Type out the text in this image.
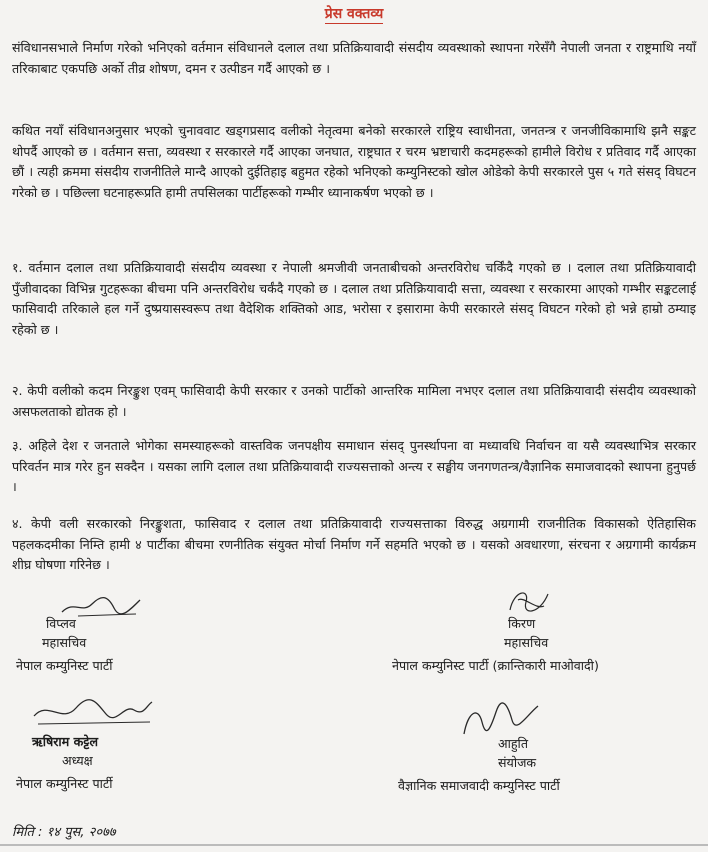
प्रेस वक्तव्य
संविधानसभाले निर्माण गरेको भनिएको वर्तमान संविधानले दलाल तथा प्रतिक्रियावादी संसदीय व्यवस्थाको स्थापना गरेसँगै नेपाली जनता र राष्ट्रमाथि नयाँ तरिकाबाट एकपछि अर्को तीव्र शोषण, दमन र उत्पीडन गर्दै आएको छ ।
कथित नयाँ संविधानअनुसार भएको चुनाववाट खड्गप्रसाद वलीको नेतृत्वमा बनेको सरकारले राष्ट्रिय स्वाधीनता, जनतन्त्र र जनजीविकामाथि झनै सङ्कट थोपर्दै आएको छ । वर्तमान सत्ता, व्यवस्था र सरकारले गर्दै आएका जनघात, राष्ट्रघात र चरम भ्रष्टाचारी कदमहरूको हामीले विरोध र प्रतिवाद गर्दै आएका छौं । त्यही क्रममा संसदीय राजनीतिले मान्दै आएको दुईतिहाइ बहुमत रहेको भनिएको कम्युनिस्टको खोल ओडेको केपी सरकारले पुस ५ गते संसद् विघटन गरेको छ । पछिल्ला घटनाहरूप्रति हामी तपसिलका पार्टीहरूको गम्भीर ध्यानाकर्षण भएको छ ।
१. वर्तमान दलाल तथा प्रतिक्रियावादी संसदीय व्यवस्था र नेपाली श्रमजीवी जनताबीचको अन्तरविरोध चर्किंदै गएको छ । दलाल तथा प्रतिक्रियावादी पुँजीवादका विभिन्न गुटहरूका बीचमा पनि अन्तरविरोध चर्कंदै गएको छ । दलाल तथा प्रतिक्रियावादी सत्ता, व्यवस्था र सरकारमा आएको गम्भीर सङ्कटलाई फासिवादी तरिकाले हल गर्ने दुष्प्रयासस्वरूप तथा वैदेशिक शक्तिको आड, भरोसा र इसारामा केपी सरकारले संसद् विघटन गरेको हो भन्ने हाम्रो ठम्याइ रहेको छ ।
२. केपी वलीको कदम निरङ्कुश एवम् फासिवादी केपी सरकार र उनको पार्टीको आन्तरिक मामिला नभएर दलाल तथा प्रतिक्रियावादी संसदीय व्यवस्थाको असफलताको द्योतक हो ।
३. अहिले देश र जनताले भोगेका समस्याहरूको वास्तविक जनपक्षीय समाधान संसद् पुनर्स्थापना वा मध्यावधि निर्वाचन वा यसै व्यवस्थाभित्र सरकार परिवर्तन मात्र गरेर हुन सक्दैन । यसका लागि दलाल तथा प्रतिक्रियावादी राज्यसत्ताको अन्त्य र सङ्घीय जनगणतन्त्र/वैज्ञानिक समाजवादको स्थापना हुनुपर्छ ।
४. केपी वली सरकारको निरङ्कुशता, फासिवाद र दलाल तथा प्रतिक्रियावादी राज्यसत्ताका विरुद्ध अग्रगामी राजनीतिक विकासको ऐतिहासिक पहलकदमीका निम्ति हामी ४ पार्टीका बीचमा रणनीतिक संयुक्त मोर्चा निर्माण गर्ने सहमति भएको छ । यसको अवधारणा, संरचना र अग्रगामी कार्यक्रम शीघ्र घोषणा गरिनेछ ।
विप्लव
महासचिव
नेपाल कम्युनिस्ट पार्टी
किरण
महासचिव
नेपाल कम्युनिस्ट पार्टी (क्रान्तिकारी माओवादी)
ऋषिराम कट्टेल
अध्यक्ष
नेपाल कम्युनिस्ट पार्टी
आहुति
संयोजक
वैज्ञानिक समाजवादी कम्युनिस्ट पार्टी
मिति : १४ पुस, २०७७
